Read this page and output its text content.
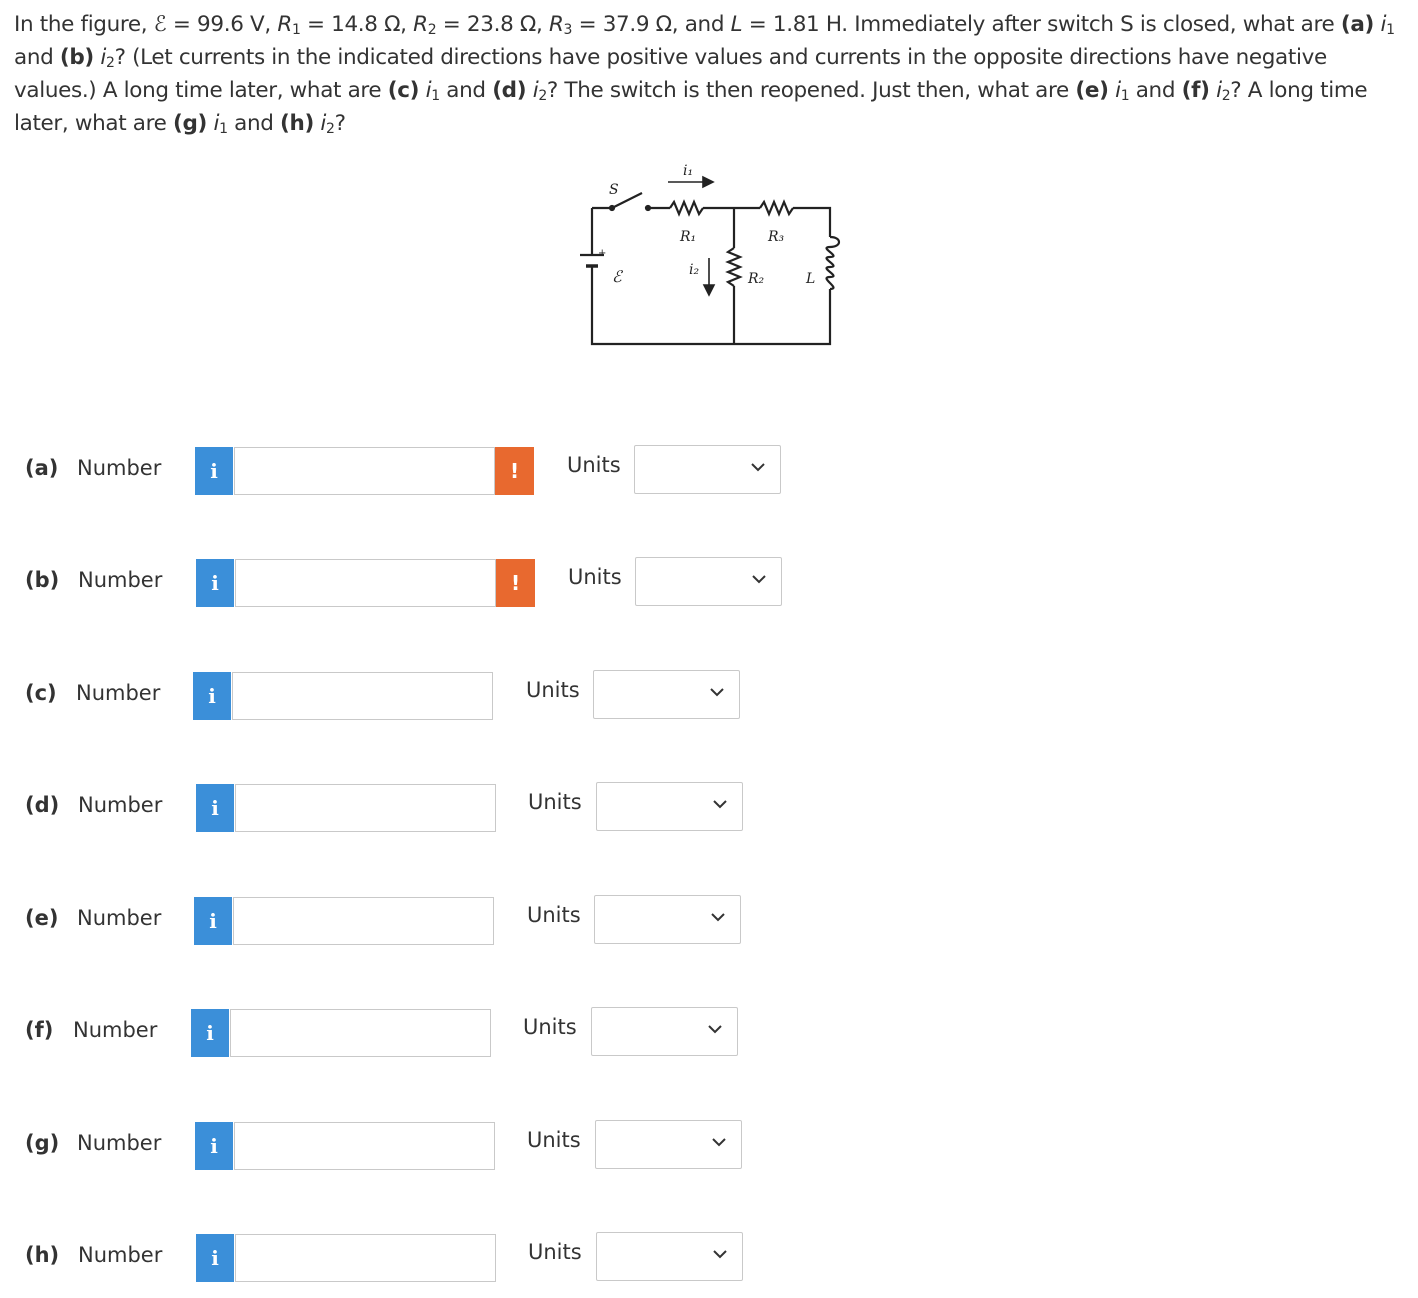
In the figure, ℰ = 99.6 V, $R_1 = 14.8$ Ω, $R_2 = 23.8$ Ω, $R_3 = 37.9$ Ω, and L = 1.81 H. Immediately after switch S is closed, what are (a) $i_1$ and (b) $i_2$? (Let currents in the indicated directions have positive values and currents in the opposite directions have negative values.) A long time later, what are (c) $i_1$ and (d) $i_2$? The switch is then reopened. Just then, what are (e) $i_1$ and (f) $i_2$? A long time later, what are (g) $i_1$ and (h) $i_2$?

S
i₁
R₁	R₃
i₂
R₂	L
ℰ
+
(a) Number	i	!	Units
(b) Number	i	!	Units
(c) Number	i	Units
(d) Number	i	Units
(e) Number	i	Units
(f) Number	i	Units
(g) Number	i	Units
(h) Number	i	Units
